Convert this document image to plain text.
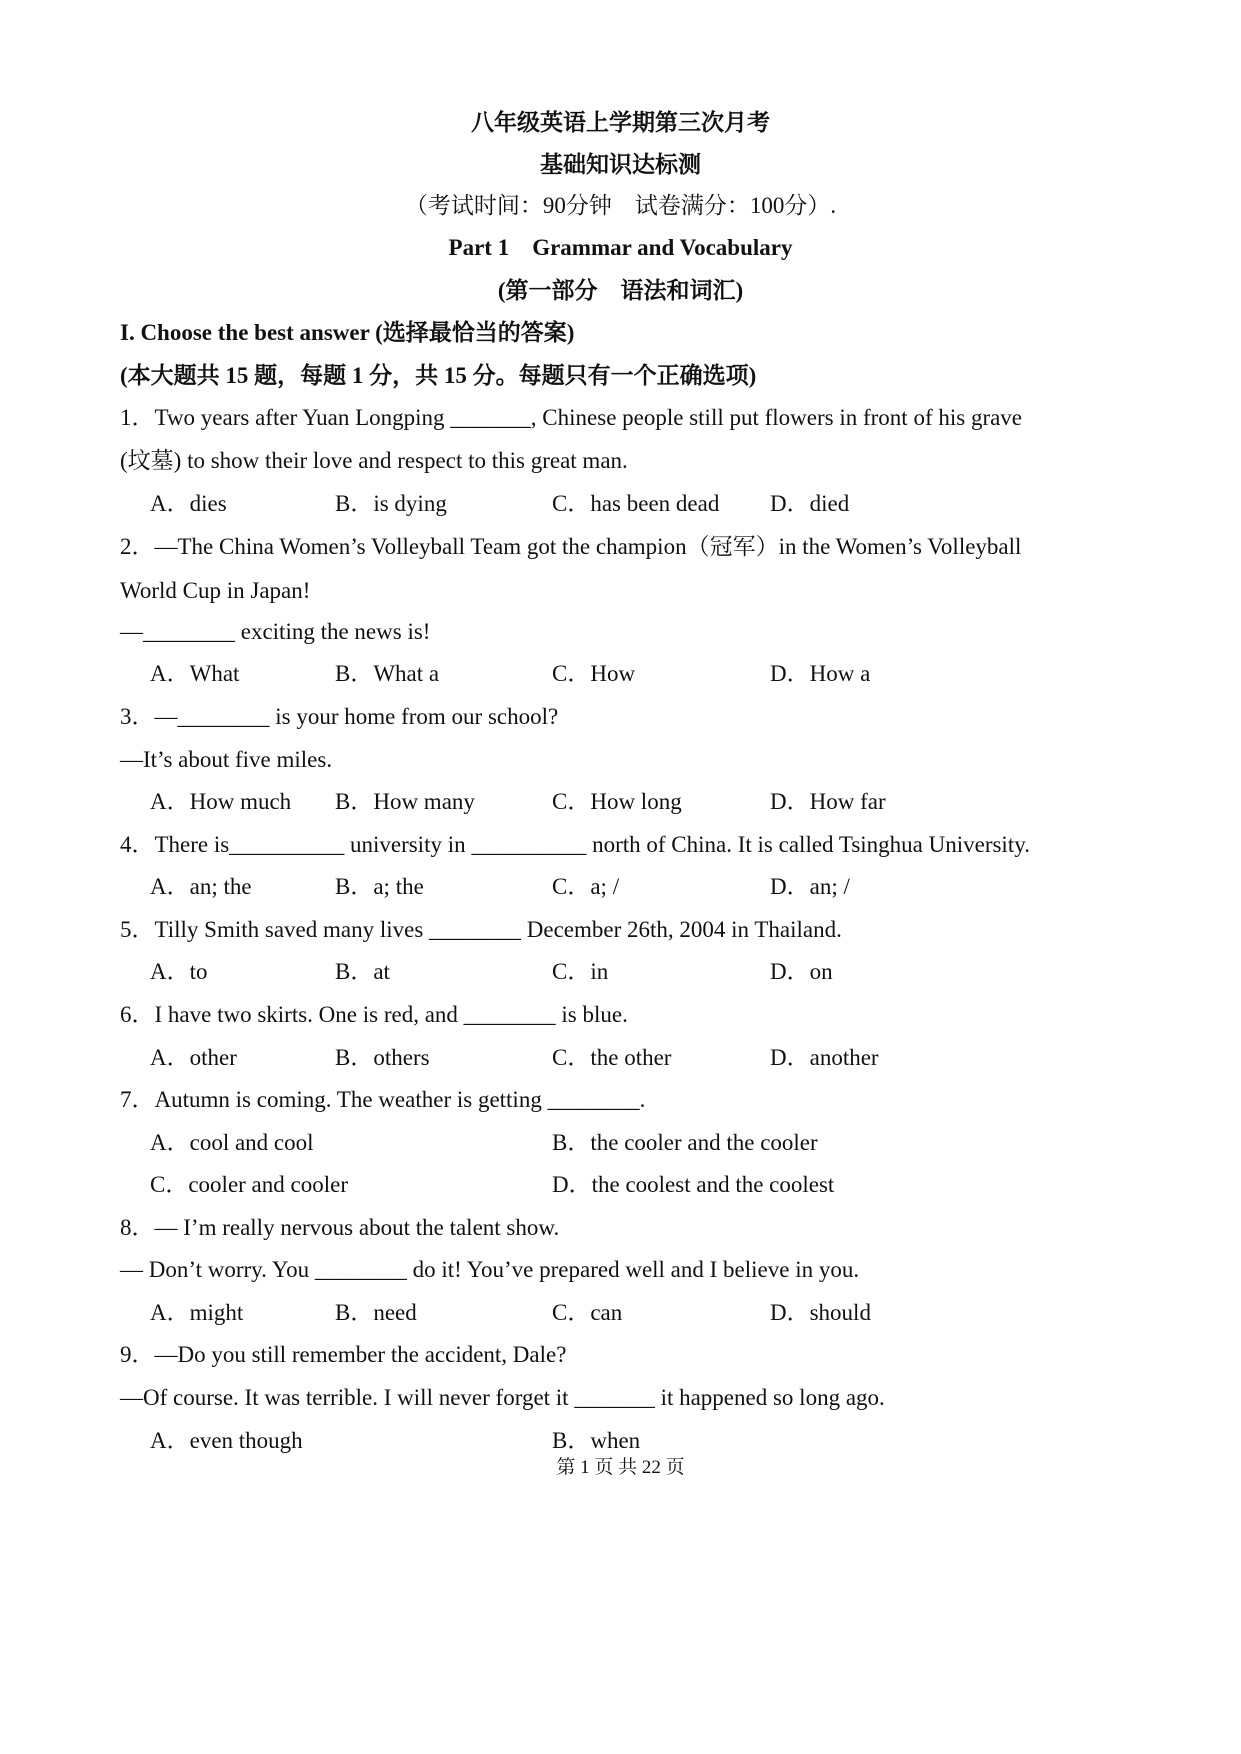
八年级英语上学期第三次月考
基础知识达标测
（考试时间：90分钟　试卷满分：100分）.
Part 1　Grammar and Vocabulary
(第一部分　语法和词汇)
I. Choose the best answer (选择最恰当的答案)
(本大题共 15 题，每题 1 分，共 15 分。每题只有一个正确选项)
1．Two years after Yuan Longping _______, Chinese people still put flowers in front of his grave
(坟墓) to show their love and respect to this great man.
A．dies	B．is dying	C．has been dead D．died
2．—The China Women’s Volleyball Team got the champion（冠军）in the Women’s Volleyball
World Cup in Japan!
—________ exciting the news is!
A．What	B．What a	C．How	D．How a
3．—________ is your home from our school?
—It’s about five miles.
A．How much B．How many	C．How long	D．How far
4．There is__________ university in __________ north of China. It is called Tsinghua University.
A．an; the	B．a; the	C．a; /	D．an; /
5．Tilly Smith saved many lives ________ December 26th, 2004 in Thailand.
A．to	B．at	C．in	D．on
6．I have two skirts. One is red, and ________ is blue.
A．other	B．others	C．the other	D．another
7．Autumn is coming. The weather is getting ________.
A．cool and cool	B．the cooler and the cooler
C．cooler and cooler	D．the coolest and the coolest
8．— I’m really nervous about the talent show.
— Don’t worry. You ________ do it! You’ve prepared well and I believe in you.
A．might	B．need	C．can	D．should
9．—Do you still remember the accident, Dale?
—Of course. It was terrible. I will never forget it _______ it happened so long ago.
A．even though	B．when
第 1 页 共 22 页
